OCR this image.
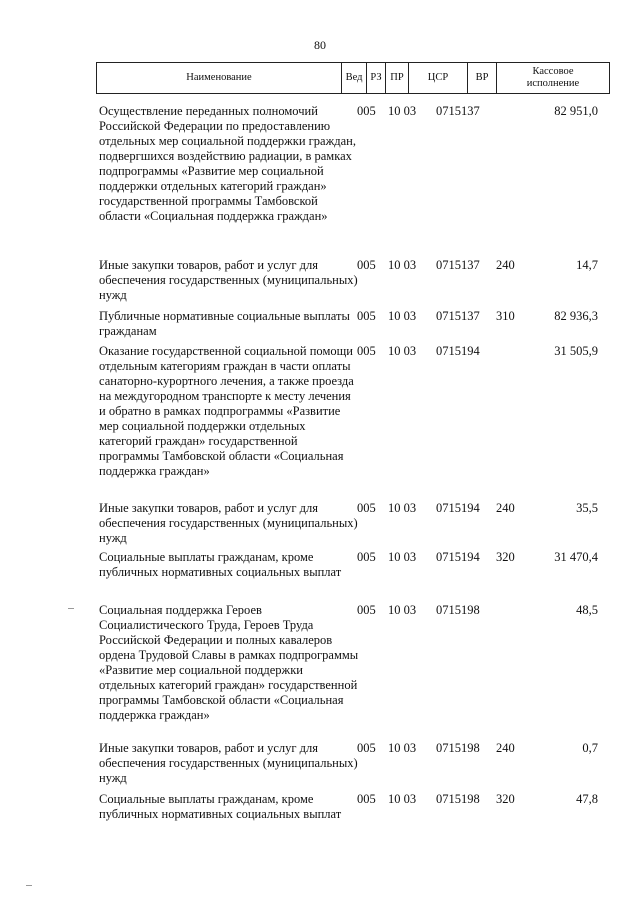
80
Наименование	Вед	РЗ	ПР	ЦСР	ВР	Кассовое
исполнение
Осуществление переданных полномочий Российской Федерации по предоставлению отдельных мер социальной поддержки граждан, подвергшихся воздействию радиации, в рамках подпрограммы «Развитие мер социальной поддержки отдельных категорий граждан» государственной программы Тамбовской области «Социальная поддержка граждан»
005 10 03 0715137	82 951,0
Иные закупки товаров, работ и услуг для обеспечения государственных (муниципальных) нужд
005 10 03 0715137 240	14,7
Публичные нормативные социальные выплаты гражданам
005 10 03 0715137 310	82 936,3
Оказание государственной социальной помощи отдельным категориям граждан в части оплаты санаторно-курортного лечения, а также проезда на междугородном транспорте к месту лечения и обратно в рамках подпрограммы «Развитие мер социальной поддержки отдельных категорий граждан» государственной программы Тамбовской области «Социальная поддержка граждан»
005 10 03 0715194	31 505,9
Иные закупки товаров, работ и услуг для обеспечения государственных (муниципальных) нужд
005 10 03 0715194 240	35,5
Социальные выплаты гражданам, кроме публичных нормативных социальных выплат
005 10 03 0715194 320	31 470,4
Социальная поддержка Героев Социалистического Труда, Героев Труда Российской Федерации и полных кавалеров ордена Трудовой Славы в рамках подпрограммы «Развитие мер социальной поддержки отдельных категорий граждан» государственной программы Тамбовской области «Социальная поддержка граждан»
005 10 03 0715198	48,5
Иные закупки товаров, работ и услуг для обеспечения государственных (муниципальных) нужд
005 10 03 0715198 240	0,7
Социальные выплаты гражданам, кроме публичных нормативных социальных выплат
005 10 03 0715198 320	47,8
